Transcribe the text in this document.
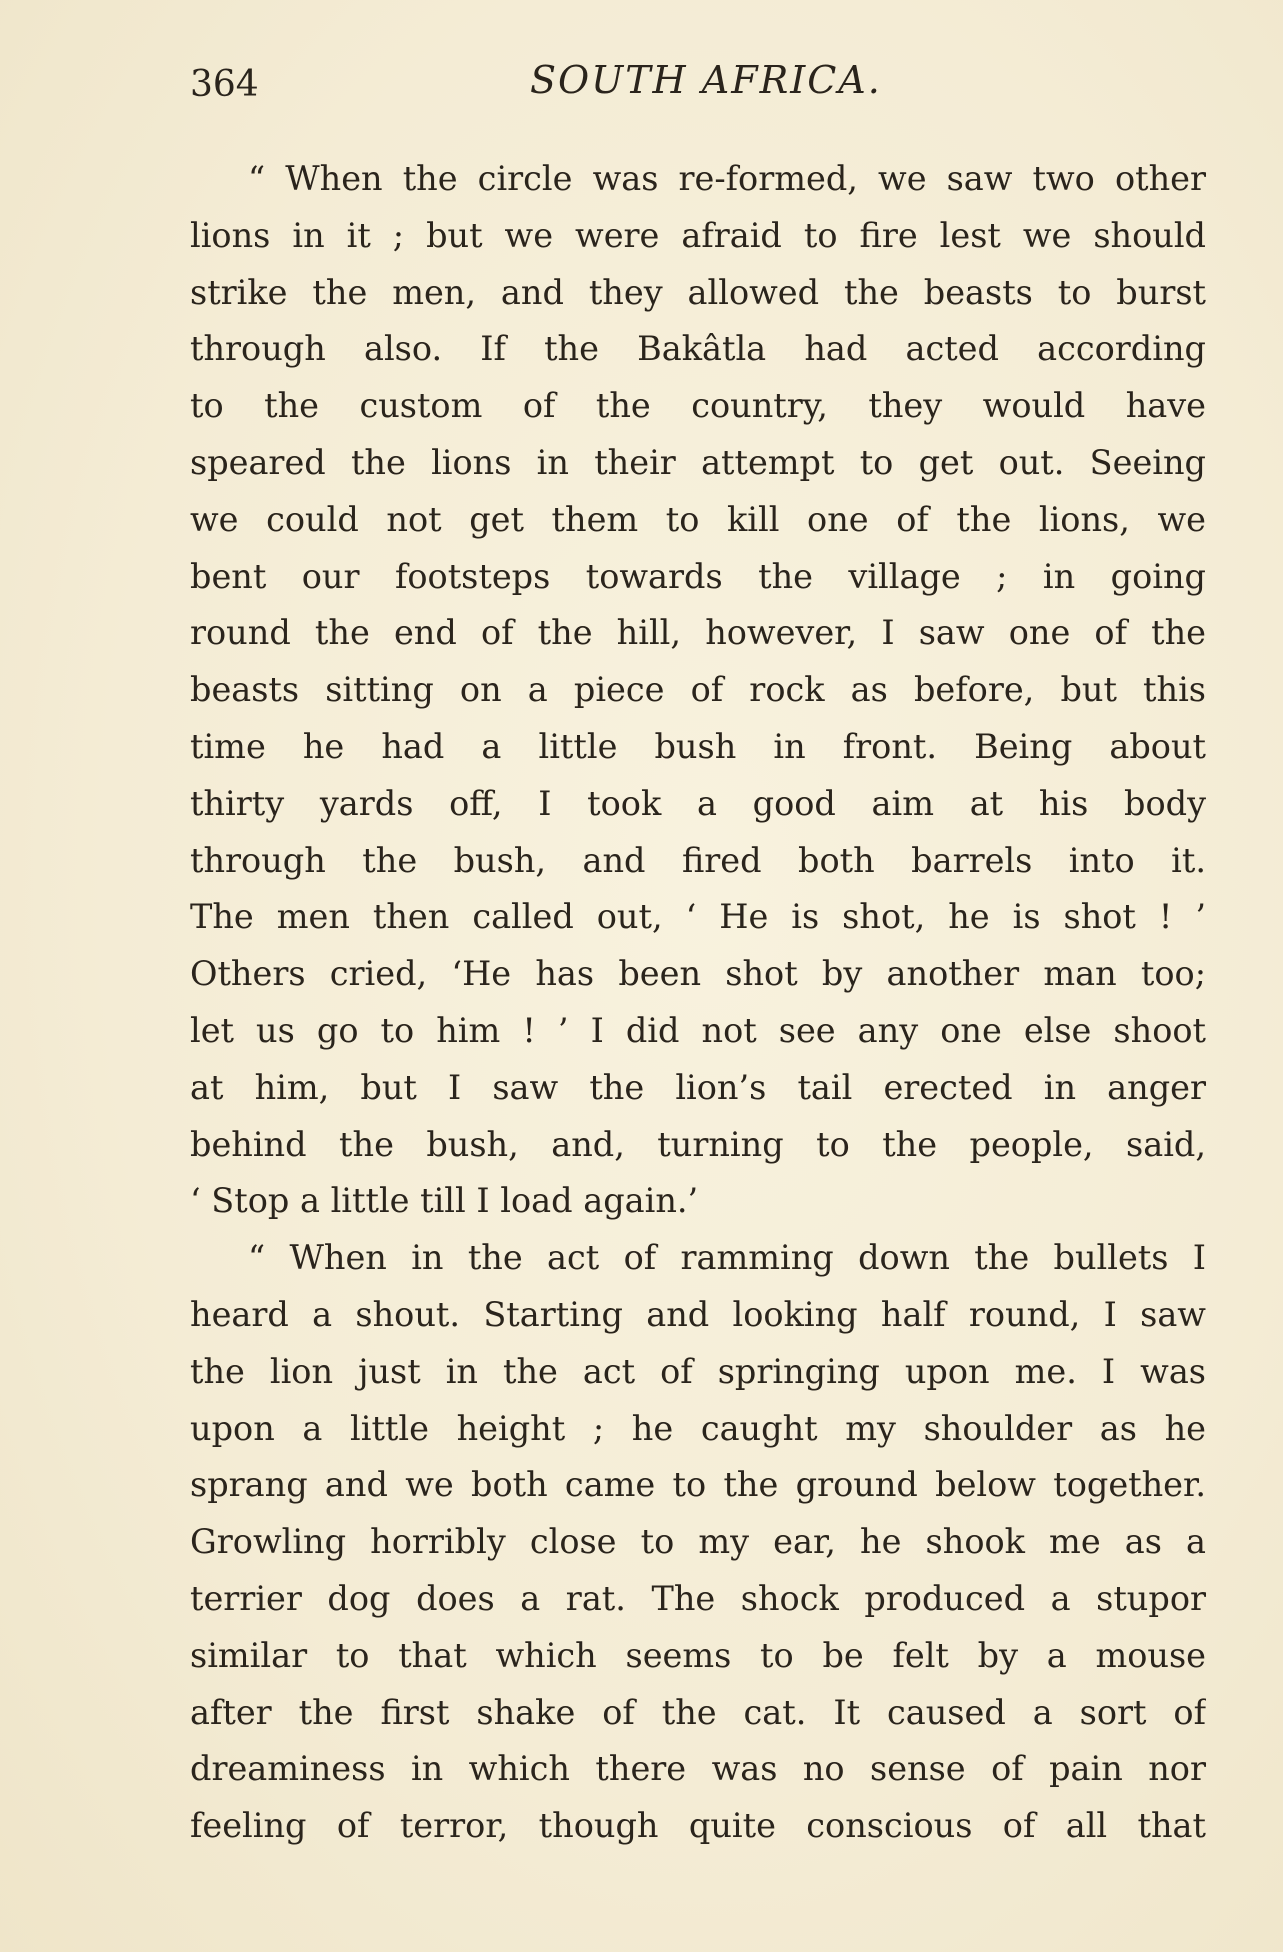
364	SOUTH AFRICA.
“ When the circle was re-formed, we saw two other
lions in it ; but we were afraid to fire lest we should
strike the men, and they allowed the beasts to burst
through also. If the Bakâtla had acted according
to the custom of the country, they would have
speared the lions in their attempt to get out. Seeing
we could not get them to kill one of the lions, we
bent our footsteps towards the village ; in going
round the end of the hill, however, I saw one of the
beasts sitting on a piece of rock as before, but this
time he had a little bush in front. Being about
thirty yards off, I took a good aim at his body
through the bush, and fired both barrels into it.
The men then called out, ‘ He is shot, he is shot ! ’
Others cried, ‘He has been shot by another man too;
let us go to him ! ’ I did not see any one else shoot
at him, but I saw the lion’s tail erected in anger
behind the bush, and, turning to the people, said,
‘ Stop a little till I load again.’
“ When in the act of ramming down the bullets I
heard a shout. Starting and looking half round, I saw
the lion just in the act of springing upon me. I was
upon a little height ; he caught my shoulder as he
sprang and we both came to the ground below together.
Growling horribly close to my ear, he shook me as a
terrier dog does a rat. The shock produced a stupor
similar to that which seems to be felt by a mouse
after the first shake of the cat. It caused a sort of
dreaminess in which there was no sense of pain nor
feeling of terror, though quite conscious of all that
